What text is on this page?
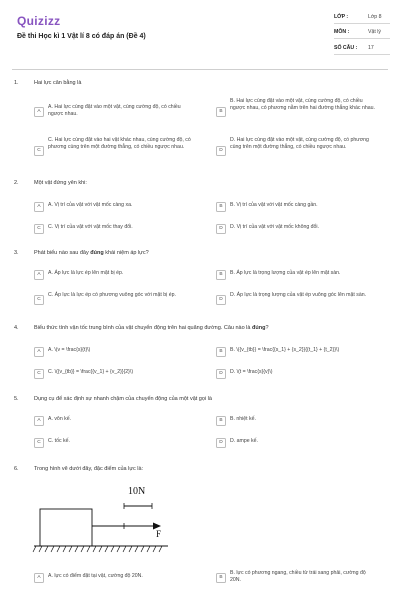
Quizizz
Đề thi Học kì 1 Vật lí 8 có đáp án (Đề 4)
LỚP :	Lớp 8
MÔN :	Vật lý
SỐ CÂU : 17
1.	Hai lực cân bằng là
A
A. Hai lực cùng đặt vào một vật, cùng cường độ, có chiều ngược nhau.	B
B. Hai lực cùng đặt vào một vật, cùng cường độ, có chiều ngược nhau, có phương nằm trên hai đường thẳng khác nhau.
C
C. Hai lực cùng đặt vào hai vật khác nhau, cùng cường độ, có phương cùng trên một đường thẳng, có chiều ngược nhau.
D
D. Hai lực cùng đặt vào một vật, cùng cường độ, có phương cùng trên một đường thẳng, có chiều ngược nhau.
2.	Một vật đứng yên khi:
A	A. Vị trí của vật với vật mốc càng xa.	B	B. Vị trí của vật với vật mốc càng gần.
C	C. Vị trí của vật với vật mốc thay đổi.	D	D. Vị trí của vật với vật mốc không đổi.
3.	Phát biểu nào sau đây đúng khái niệm áp lực?
A	A. Áp lực là lực ép lên mặt bị ép.	B	B. Áp lực là trọng lượng của vật ép lên mặt sàn.
C
C. Áp lực là lực ép có phương vuông góc với mặt bị ép.
D
D. Áp lực là trọng lượng của vật ép vuông góc lên mặt sàn.
4.	Biểu thức tính vận tốc trung bình của vật chuyển động trên hai quãng đường. Câu nào là đúng?
A	A. \(v = \frac{s}{t}\)	B	B. \({v_{tb}} = \frac{{s_1} + {s_2}}{{t_1} + {t_2}}\)
C	C. \({v_{tb}} = \frac{{v_1} + {v_2}}{2}\)	D	D. \(t = \frac{s}{v}\)
5.	Dụng cụ để xác định sự nhanh chậm của chuyển động của một vật gọi là
A	A. vôn kế.	B	B. nhiệt kế.
C	C. tốc kế.	D	D. ampe kế.
6.	Trong hình vẽ dưới đây, đặc điểm của lực là:
F
10N
A	A. lực có điểm đặt tại vật, cường độ 20N.	B
B. lực có phương ngang, chiều từ trái sang phải, cường độ 20N.
